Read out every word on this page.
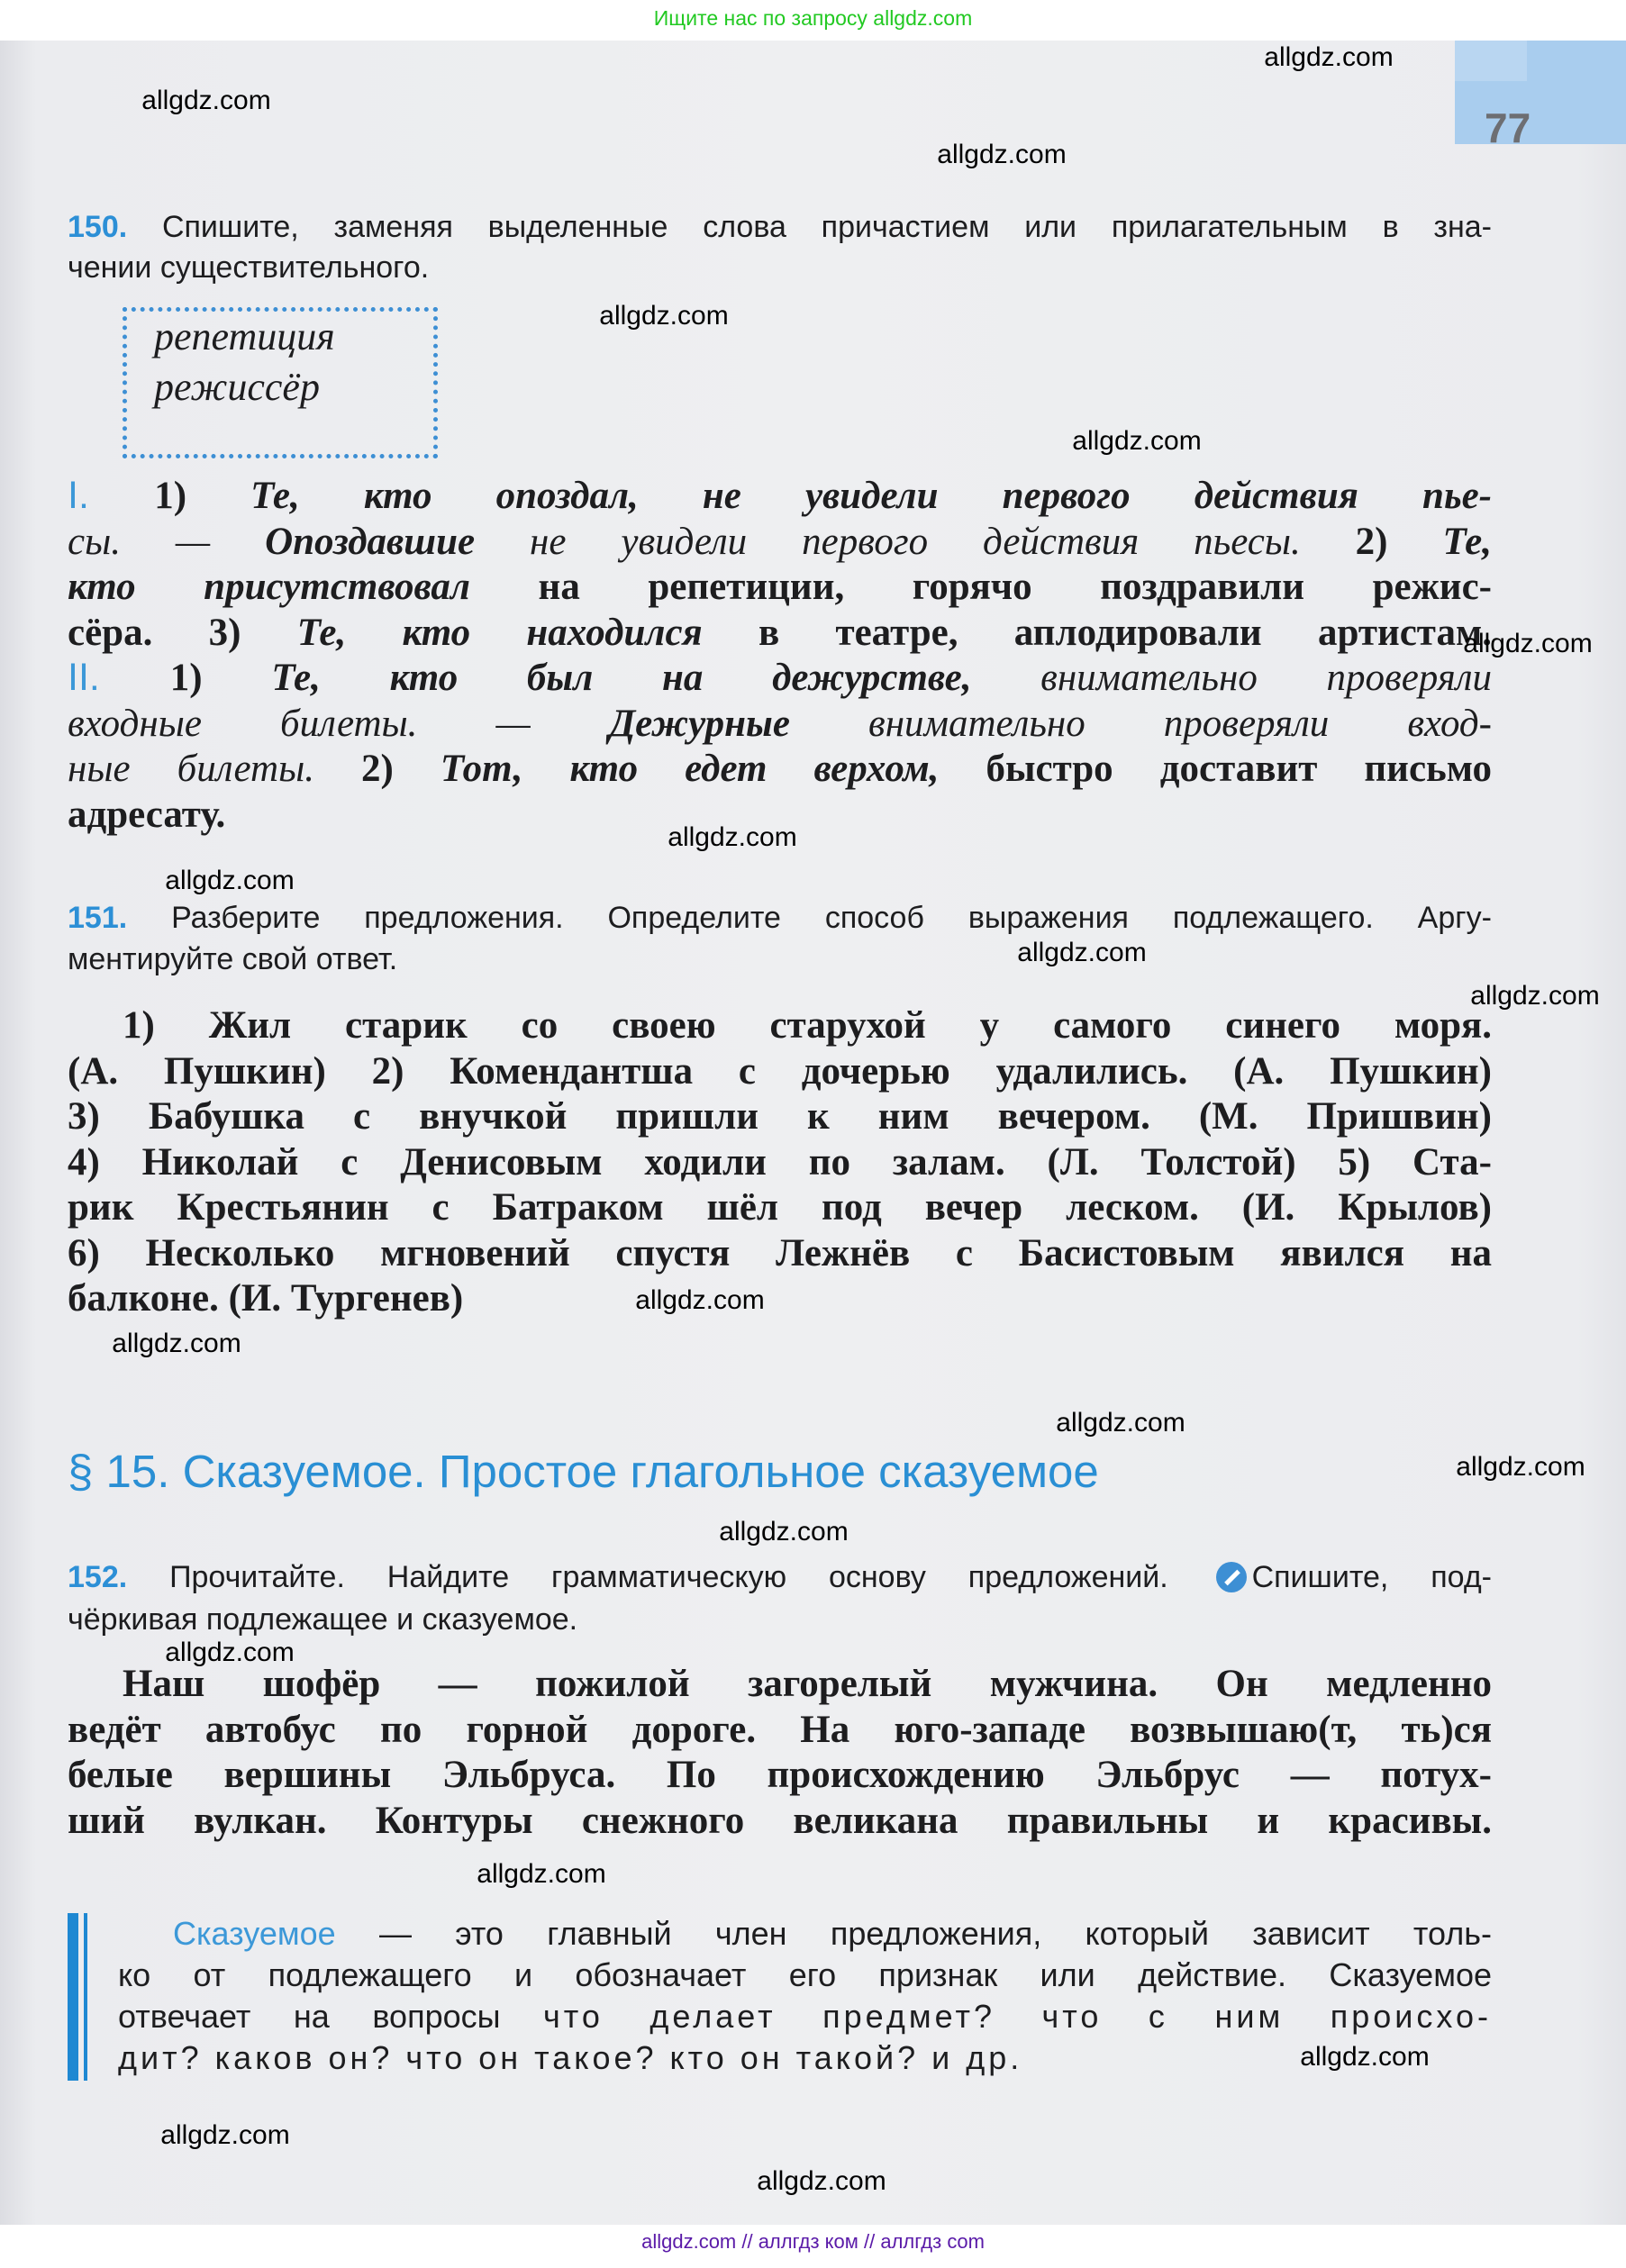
Ищите нас по запросу allgdz.com
77
150. Спишите, заменяя выделенные слова причастием или прилагательным в зна-
чении существительного.
репетиция
режиссёр
I. 1) Те, кто опоздал, не увидели первого действия пье-
сы. — Опоздавшие не увидели первого действия пьесы. 2) Те,
кто присутствовал на репетиции, горячо поздравили режис-
сёра. 3) Те, кто находился в театре, аплодировали артистам.
II. 1) Те, кто был на дежурстве, внимательно проверяли
входные билеты. — Дежурные внимательно проверяли вход-
ные билеты. 2) Тот, кто едет верхом, быстро доставит письмо
адресату.
151. Разберите предложения. Определите способ выражения подлежащего. Аргу-
ментируйте свой ответ.
1) Жил старик со своею старухой у самого синего моря.
(А. Пушкин) 2) Комендантша с дочерью удалились. (А. Пушкин)
3) Бабушка с внучкой пришли к ним вечером. (М. Пришвин)
4) Николай с Денисовым ходили по залам. (Л. Толстой) 5) Ста-
рик Крестьянин с Батраком шёл под вечер леском. (И. Крылов)
6) Несколько мгновений спустя Лежнёв с Басистовым явился на
балконе. (И. Тургенев)
§ 15. Сказуемое. Простое глагольное сказуемое
152. Прочитайте. Найдите грамматическую основу предложений.	Спишите, под-
чёркивая подлежащее и сказуемое.
Наш шофёр — пожилой загорелый мужчина. Он медленно
ведёт автобус по горной дороге. На юго-западе возвышаю(т, ть)ся
белые вершины Эльбруса. По происхождению Эльбрус — потух-
ший вулкан. Контуры снежного великана правильны и красивы.
Сказуемое — это главный член предложения, который зависит толь-
ко от подлежащего и обозначает его признак или действие. Сказуемое
отвечает на вопросы что делает предмет? что с ним происхо-
дит? каков он? что он такое? кто он такой? и др.
allgdz.com // аллгдз ком // аллгдз com
allgdz.com
allgdz.com
allgdz.com
allgdz.com
allgdz.com
allgdz.com
allgdz.com
allgdz.com
allgdz.com
allgdz.com
allgdz.com
allgdz.com
allgdz.com
allgdz.com
allgdz.com
allgdz.com
allgdz.com
allgdz.com
allgdz.com
allgdz.com
